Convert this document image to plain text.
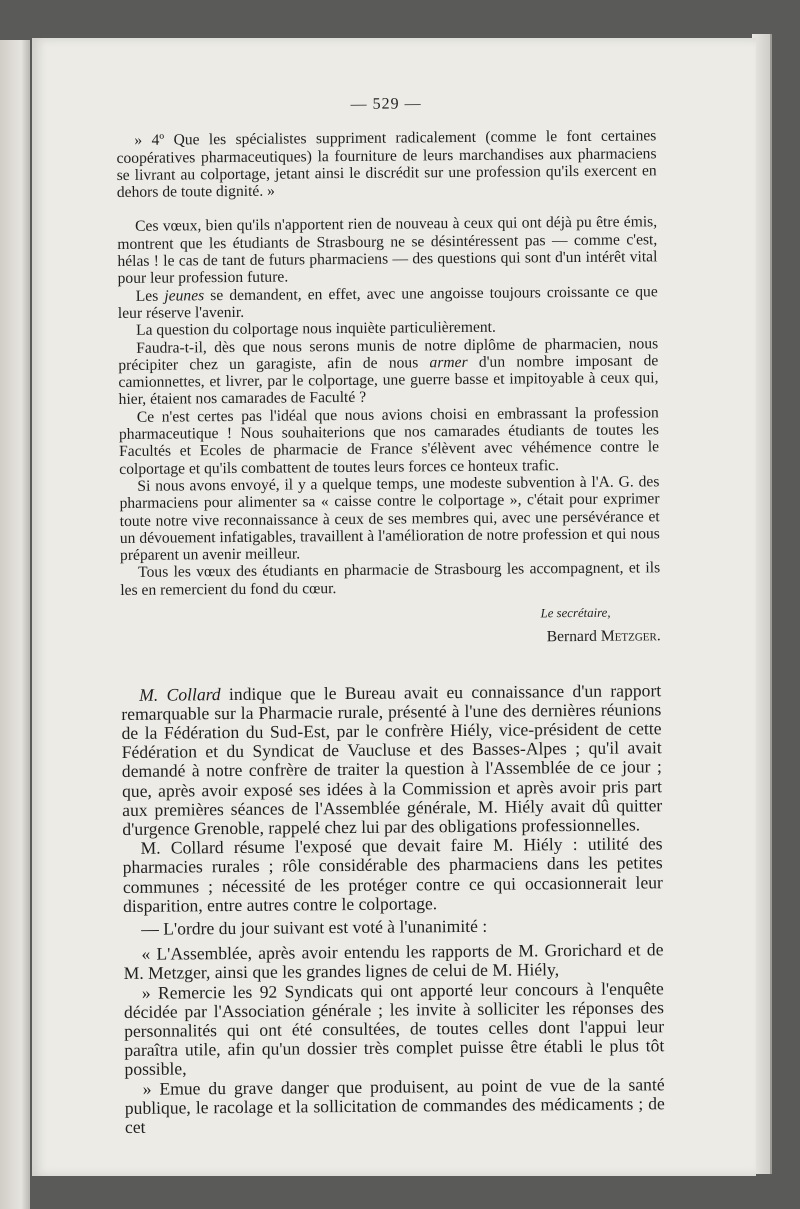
— 529 —

» 4º Que les spécialistes suppriment radicalement (comme le font certaines coopératives pharmaceutiques) la fourniture de leurs marchandises aux pharmaciens se livrant au colportage, jetant ainsi le discrédit sur une profession qu'ils exercent en dehors de toute dignité. »

Ces vœux, bien qu'ils n'apportent rien de nouveau à ceux qui ont déjà pu être émis, montrent que les étudiants de Strasbourg ne se désintéressent pas — comme c'est, hélas ! le cas de tant de futurs pharmaciens — des questions qui sont d'un intérêt vital pour leur profession future.

Les jeunes se demandent, en effet, avec une angoisse toujours croissante ce que leur réserve l'avenir.

La question du colportage nous inquiète particulièrement.

Faudra-t-il, dès que nous serons munis de notre diplôme de pharmacien, nous précipiter chez un garagiste, afin de nous armer d'un nombre imposant de camionnettes, et livrer, par le colportage, une guerre basse et impitoyable à ceux qui, hier, étaient nos camarades de Faculté ?

Ce n'est certes pas l'idéal que nous avions choisi en embrassant la profession pharmaceutique ! Nous souhaiterions que nos camarades étudiants de toutes les Facultés et Ecoles de pharmacie de France s'élèvent avec véhémence contre le colportage et qu'ils combattent de toutes leurs forces ce honteux trafic.

Si nous avons envoyé, il y a quelque temps, une modeste subvention à l'A. G. des pharmaciens pour alimenter sa « caisse contre le colportage », c'était pour exprimer toute notre vive reconnaissance à ceux de ses membres qui, avec une persévérance et un dévouement infatigables, travaillent à l'amélioration de notre profession et qui nous préparent un avenir meilleur.

Tous les vœux des étudiants en pharmacie de Strasbourg les accompagnent, et ils les en remercient du fond du cœur.

Le secrétaire,
Bernard Metzger.

M. Collard indique que le Bureau avait eu connaissance d'un rapport remarquable sur la Pharmacie rurale, présenté à l'une des dernières réunions de la Fédération du Sud-Est, par le confrère Hiély, vice-président de cette Fédération et du Syndicat de Vaucluse et des Basses-Alpes ; qu'il avait demandé à notre confrère de traiter la question à l'Assemblée de ce jour ; que, après avoir exposé ses idées à la Commission et après avoir pris part aux premières séances de l'Assemblée générale, M. Hiély avait dû quitter d'urgence Grenoble, rappelé chez lui par des obligations professionnelles.

M. Collard résume l'exposé que devait faire M. Hiély : utilité des pharmacies rurales ; rôle considérable des pharmaciens dans les petites communes ; nécessité de les protéger contre ce qui occasionnerait leur disparition, entre autres contre le colportage.

— L'ordre du jour suivant est voté à l'unanimité :

« L'Assemblée, après avoir entendu les rapports de M. Grorichard et de M. Metzger, ainsi que les grandes lignes de celui de M. Hiély,

» Remercie les 92 Syndicats qui ont apporté leur concours à l'enquête décidée par l'Association générale ; les invite à solliciter les réponses des personnalités qui ont été consultées, de toutes celles dont l'appui leur paraîtra utile, afin qu'un dossier très complet puisse être établi le plus tôt possible,

» Emue du grave danger que produisent, au point de vue de la santé publique, le racolage et la sollicitation de commandes des médicaments ; de cet
